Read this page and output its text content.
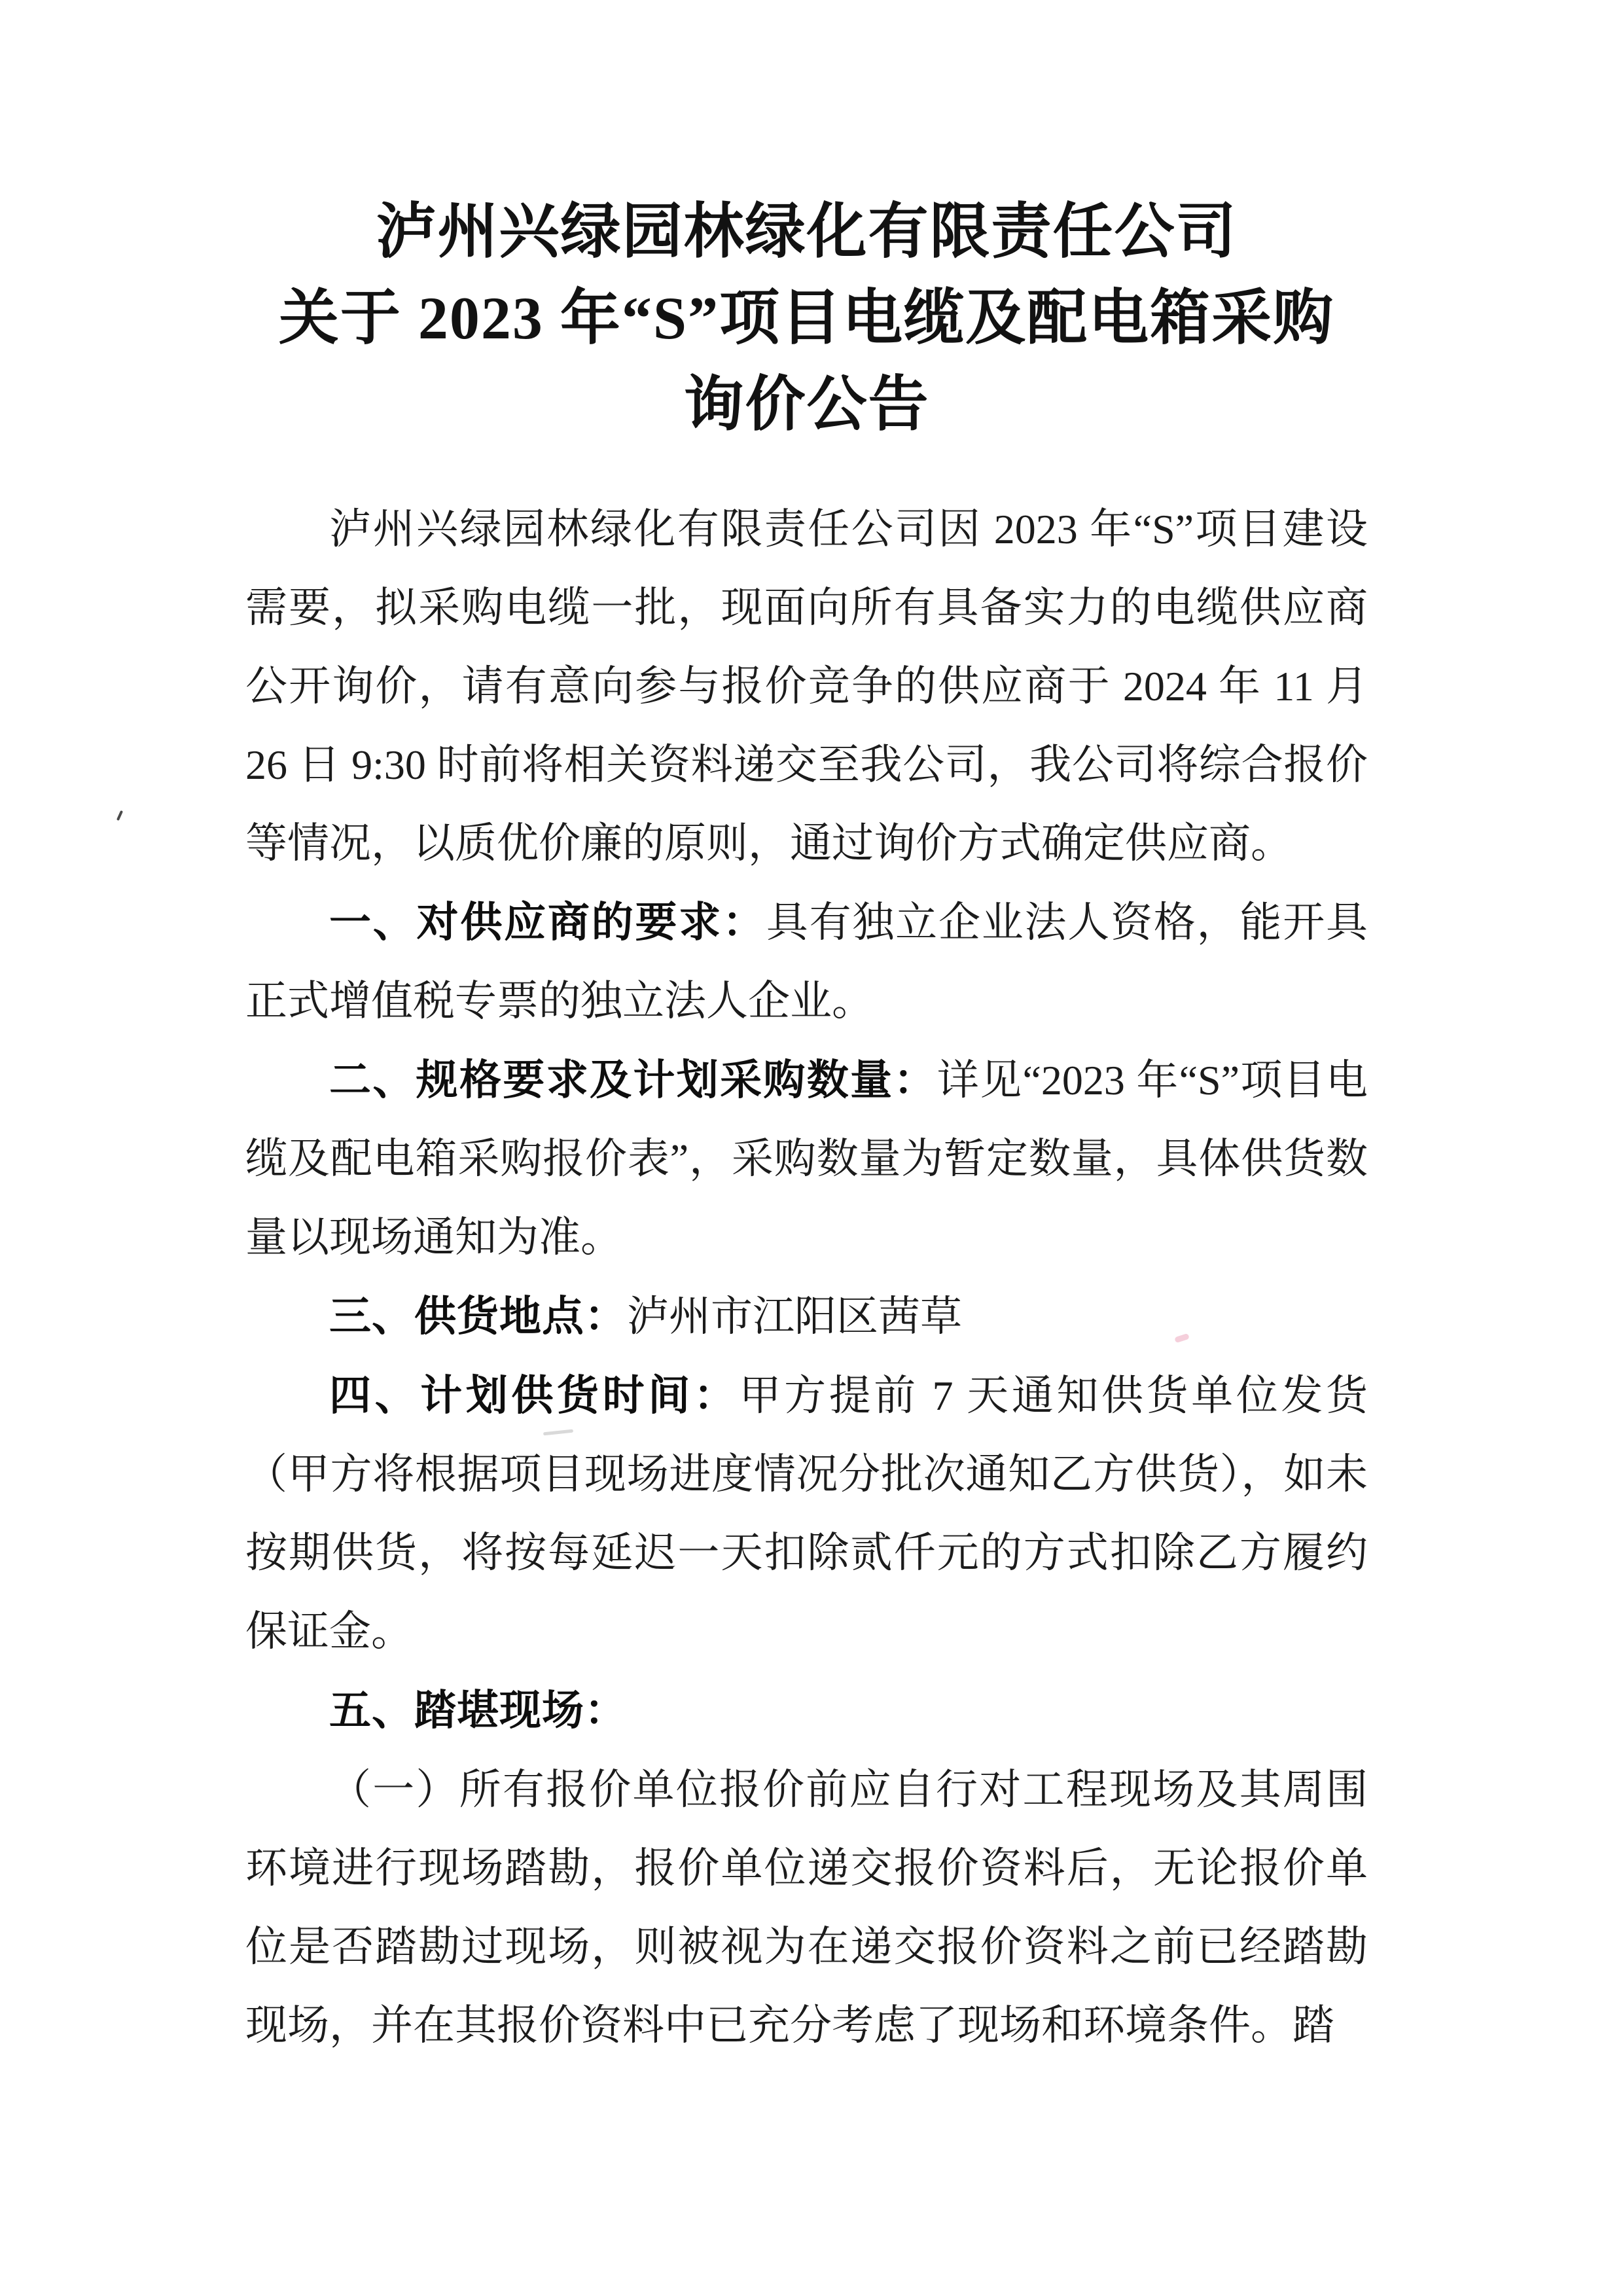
泸州兴绿园林绿化有限责任公司
关于 2023 年“S”项目电缆及配电箱采购
询价公告

泸州兴绿园林绿化有限责任公司因 2023 年“S”项目建设需要，拟采购电缆一批，现面向所有具备实力的电缆供应商公开询价，请有意向参与报价竞争的供应商于 2024 年 11 月 26 日 9:30 时前将相关资料递交至我公司，我公司将综合报价等情况，以质优价廉的原则，通过询价方式确定供应商。

一、对供应商的要求：具有独立企业法人资格，能开具正式增值税专票的独立法人企业。

二、规格要求及计划采购数量：详见“2023 年“S”项目电缆及配电箱采购报价表”，采购数量为暂定数量，具体供货数量以现场通知为准。

三、供货地点：泸州市江阳区茜草

四、计划供货时间：甲方提前 7 天通知供货单位发货（甲方将根据项目现场进度情况分批次通知乙方供货），如未按期供货，将按每延迟一天扣除贰仟元的方式扣除乙方履约保证金。

五、踏堪现场：

（一）所有报价单位报价前应自行对工程现场及其周围环境进行现场踏勘，报价单位递交报价资料后，无论报价单位是否踏勘过现场，则被视为在递交报价资料之前已经踏勘现场，并在其报价资料中已充分考虑了现场和环境条件。踏
